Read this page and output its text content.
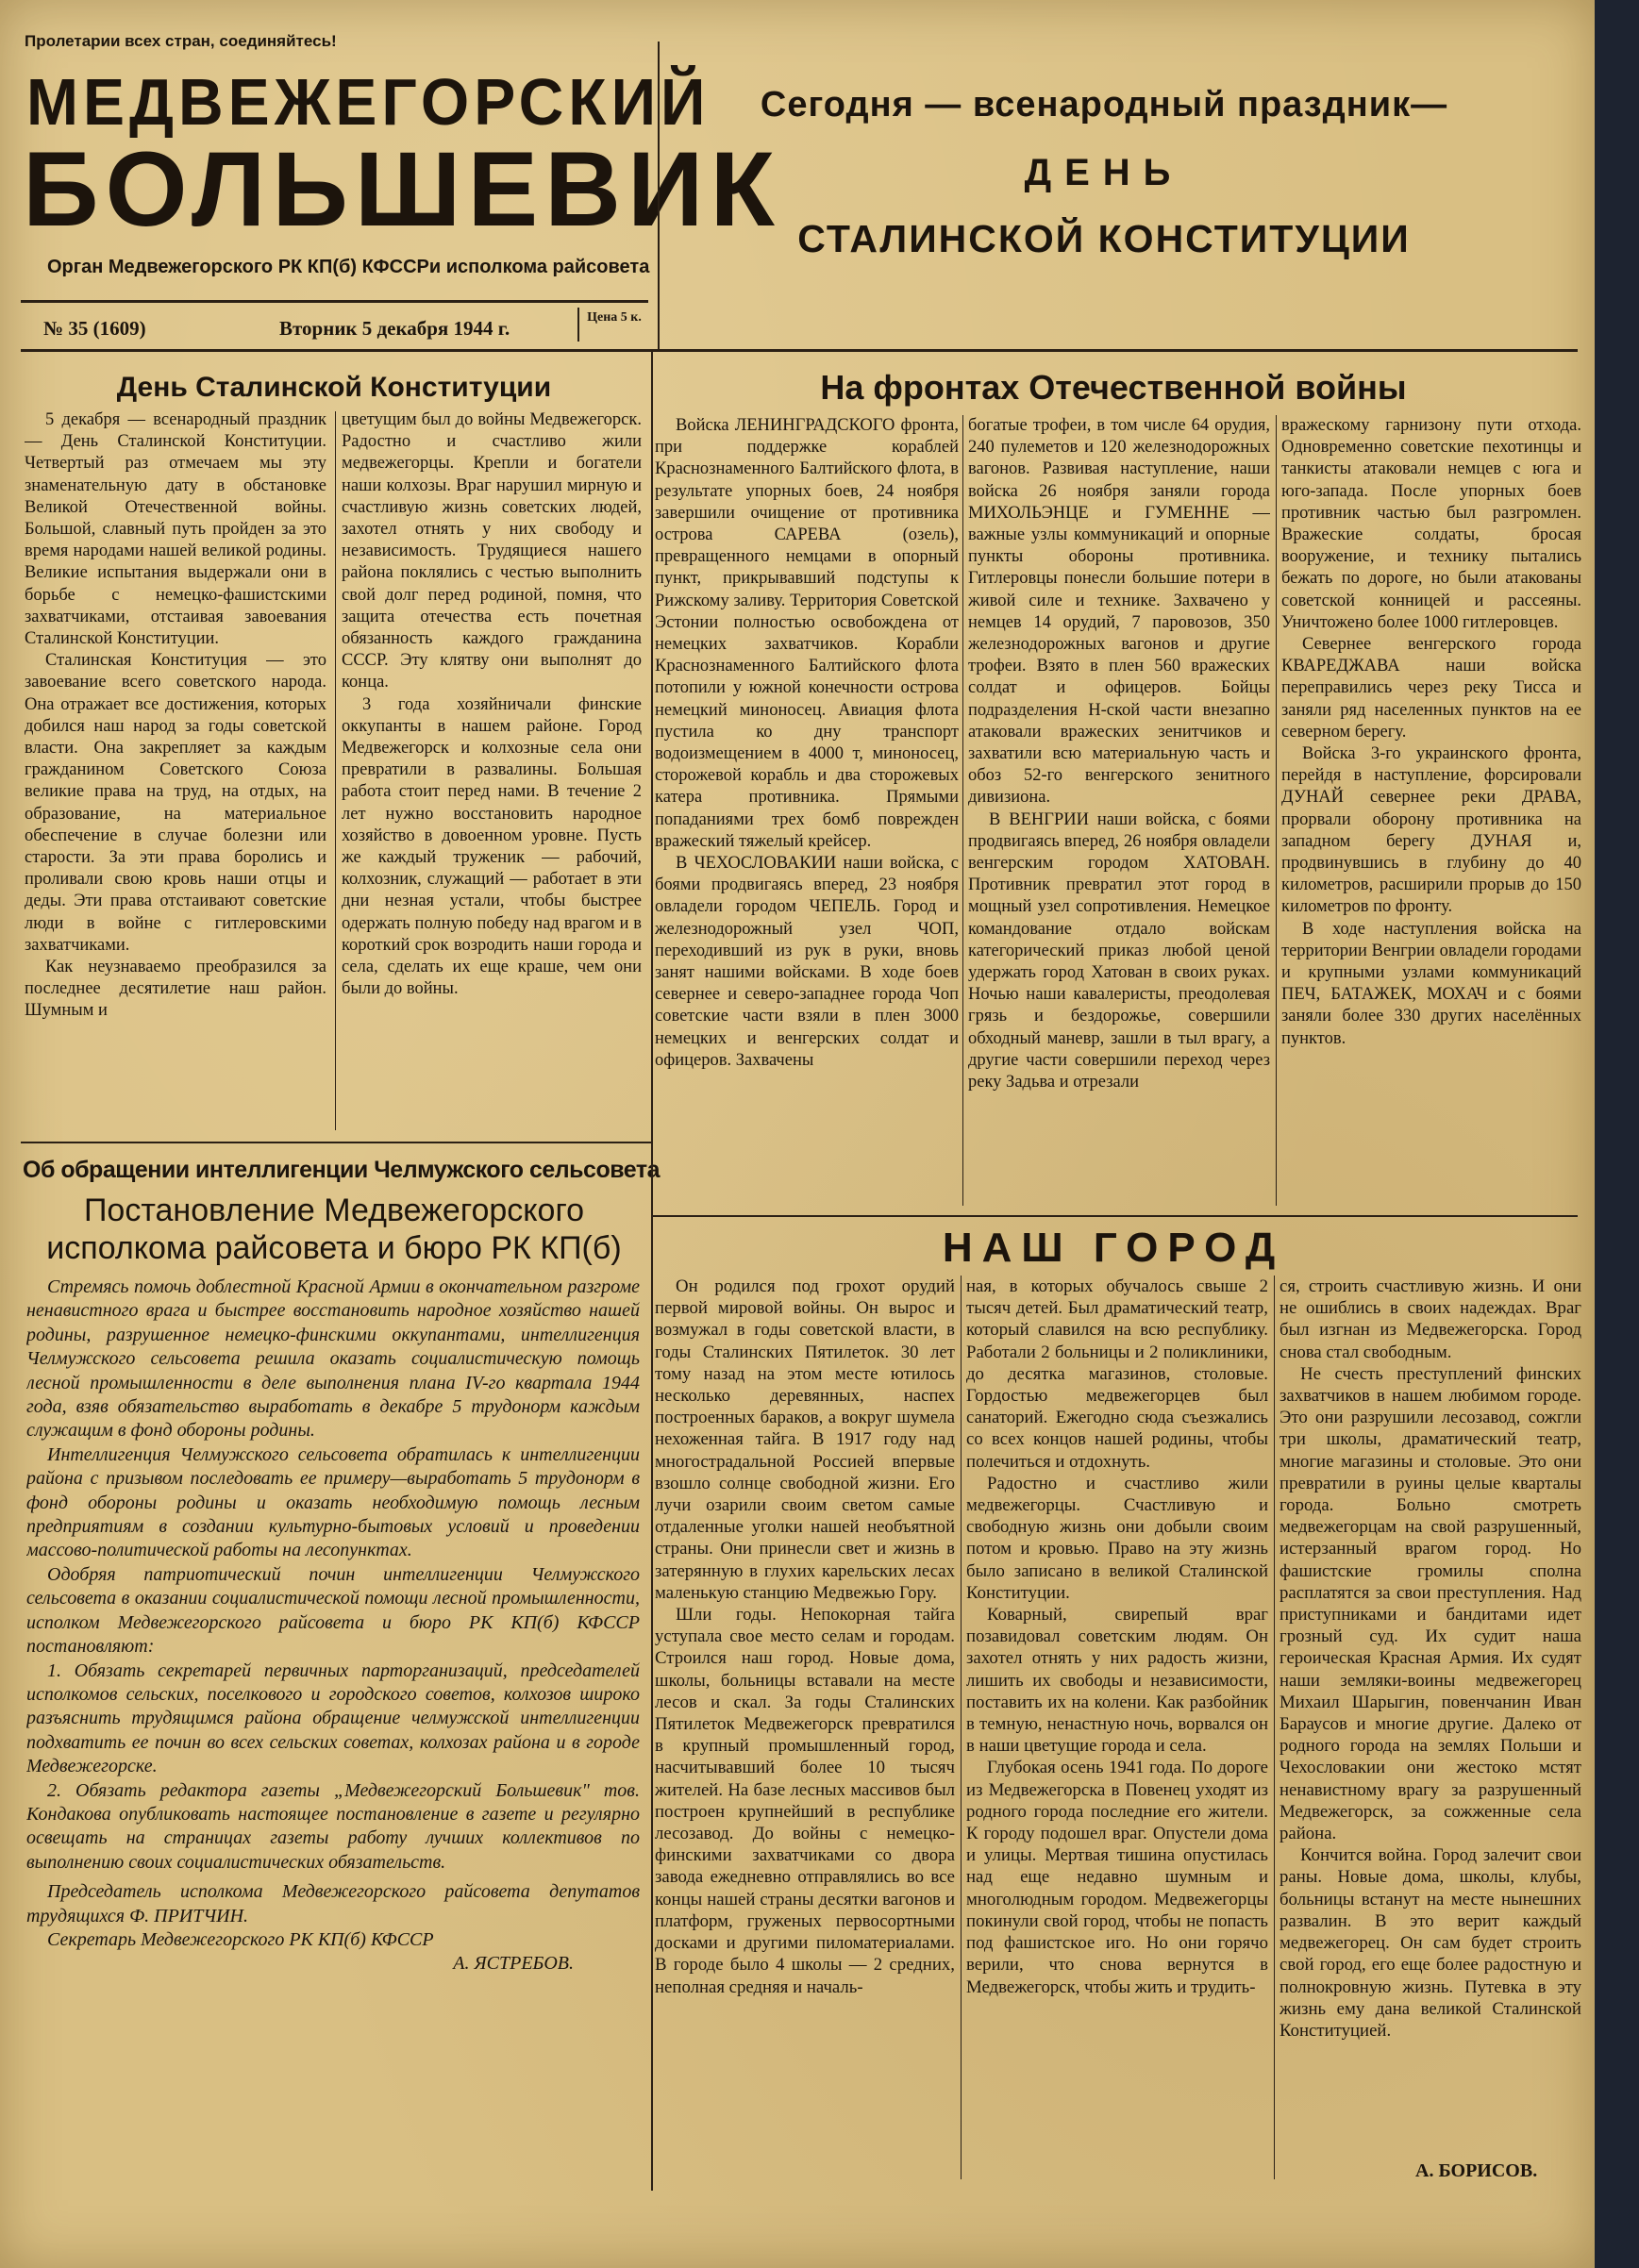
Пролетарии всех стран, соединяйтесь!
МЕДВЕЖЕГОРСКИЙ
БОЛЬШЕВИК
Орган Медвежегорского РК КП(б) КФССРи исполкома райсовета
№ 35 (1609)	Вторник 5 декабря 1944 г.	Цена 5 к.
Сегодня — всенародный праздник—
ДЕНЬ
СТАЛИНСКОЙ КОНСТИТУЦИИ
День Сталинской Конституции

5 декабря — всенародный праздник — День Сталинской Конституции. Четвертый раз отмечаем мы эту знаменательную дату в обстановке Великой Отечественной войны. Большой, славный путь пройден за это время народами нашей великой родины. Великие испытания выдержали они в борьбе с немецко-фашистскими захватчиками, отстаивая завоевания Сталинской Конституции.

Сталинская Конституция — это завоевание всего советского народа. Она отражает все достижения, которых добился наш народ за годы советской власти. Она закрепляет за каждым гражданином Советского Союза великие права на труд, на отдых, на образование, на материальное обеспечение в случае болезни или старости. За эти права боролись и проливали свою кровь наши отцы и деды. Эти права отстаивают советские люди в войне с гитлеровскими захватчиками.

Как неузнаваемо преобразился за последнее десятилетие наш район. Шумным и

цветущим был до войны Медвежегорск. Радостно и счастливо жили медвежегорцы. Крепли и богатели наши колхозы. Враг нарушил мирную и счастливую жизнь советских людей, захотел отнять у них свободу и независимость. Трудящиеся нашего района поклялись с честью выполнить свой долг перед родиной, помня, что защита отечества есть почетная обязанность каждого гражданина СССР. Эту клятву они выполнят до конца.

3 года хозяйничали финские оккупанты в нашем районе. Город Медвежегорск и колхозные села они превратили в развалины. Большая работа стоит перед нами. В течение 2 лет нужно восстановить народное хозяйство в довоенном уровне. Пусть же каждый труженик — рабочий, колхозник, служащий — работает в эти дни незная устали, чтобы быстрее одержать полную победу над врагом и в короткий срок возродить наши города и села, сделать их еще краше, чем они были до войны.

Об обращении интеллигенции Челмужского сельсовета
Постановление Медвежегорского
исполкома райсовета и бюро РК КП(б)

Стремясь помочь доблестной Красной Армии в окончательном разгроме ненавистного врага и быстрее восстановить народное хозяйство нашей родины, разрушенное немецко-финскими оккупантами, интеллигенция Челмужского сельсовета решила оказать социалистическую помощь лесной промышленности в деле выполнения плана IV-го квартала 1944 года, взяв обязательство выработать в декабре 5 трудонорм каждым служащим в фонд обороны родины.

Интеллигенция Челмужского сельсовета обратилась к интеллигенции района с призывом последовать ее примеру—выработать 5 трудонорм в фонд обороны родины и оказать необходимую помощь лесным предприятиям в создании культурно-бытовых условий и проведении массово-политической работы на лесопунктах.

Одобряя патриотический почин интеллигенции Челмужского сельсовета в оказании социалистической помощи лесной промышленности, исполком Медвежегорского райсовета и бюро РК КП(б) КФССР постановляют:

1. Обязать секретарей первичных парторганизаций, председателей исполкомов сельских, поселкового и городского советов, колхозов широко разъяснить трудящимся района обращение челмужской интеллигенции подхватить ее почин во всех сельских советах, колхозах района и в городе Медвежегорске.

2. Обязать редактора газеты „Медвежегорский Большевик" тов. Кондакова опубликовать настоящее постановление в газете и регулярно освещать на страницах газеты работу лучших коллективов по выполнению своих социалистических обязательств.

Председатель исполкома Медвежегорского райсовета депутатов трудящихся Ф. ПРИТЧИН.

Секретарь Медвежегорского РК КП(б) КФССР

А. ЯСТРЕБОВ.

На фронтах Отечественной войны

Войска ЛЕНИНГРАДСКОГО фронта, при поддержке кораблей Краснознаменного Балтийского флота, в результате упорных боев, 24 ноября завершили очищение от противника острова САРЕВА (озель), превращенного немцами в опорный пункт, прикрывавший подступы к Рижскому заливу. Территория Советской Эстонии полностью освобождена от немецких захватчиков. Корабли Краснознаменного Балтийского флота потопили у южной конечности острова немецкий миноносец. Авиация флота пустила ко дну транспорт водоизмещением в 4000 т, миноносец, сторожевой корабль и два сторожевых катера противника. Прямыми попаданиями трех бомб поврежден вражеский тяжелый крейсер.

В ЧЕХОСЛОВАКИИ наши войска, с боями продвигаясь вперед, 23 ноября овладели городом ЧЕПЕЛЬ. Город и железнодорожный узел ЧОП, переходивший из рук в руки, вновь занят нашими войсками. В ходе боев севернее и северо-западнее города Чоп советские части взяли в плен 3000 немецких и венгерских солдат и офицеров. Захвачены

богатые трофеи, в том числе 64 орудия, 240 пулеметов и 120 железнодорожных вагонов. Развивая наступление, наши войска 26 ноября заняли города МИХОЛЬЭНЦЕ и ГУМЕННЕ — важные узлы коммуникаций и опорные пункты обороны противника. Гитлеровцы понесли большие потери в живой силе и технике. Захвачено у немцев 14 орудий, 7 паровозов, 350 железнодорожных вагонов и другие трофеи. Взято в плен 560 вражеских солдат и офицеров. Бойцы подразделения Н-ской части внезапно атаковали вражеских зенитчиков и захватили всю материальную часть и обоз 52-го венгерского зенитного дивизиона.

В ВЕНГРИИ наши войска, с боями продвигаясь вперед, 26 ноября овладели венгерским городом ХАТОВАН. Противник превратил этот город в мощный узел сопротивления. Немецкое командование отдало войскам категорический приказ любой ценой удержать город Хатован в своих руках. Ночью наши кавалеристы, преодолевая грязь и бездорожье, совершили обходный маневр, зашли в тыл врагу, а другие части совершили переход через реку Задьва и отрезали

вражескому гарнизону пути отхода. Одновременно советские пехотинцы и танкисты атаковали немцев с юга и юго-запада. После упорных боев противник частью был разгромлен. Вражеские солдаты, бросая вооружение, и технику пытались бежать по дороге, но были атакованы советской конницей и рассеяны. Уничтожено более 1000 гитлеровцев.

Севернее венгерского города КВАРЕДЖАВА наши войска переправились через реку Тисса и заняли ряд населенных пунктов на ее северном берегу.

Войска 3-го украинского фронта, перейдя в наступление, форсировали ДУНАЙ севернее реки ДРАВА, прорвали оборону противника на западном берегу ДУНАЯ и, продвинувшись в глубину до 40 километров, расширили прорыв до 150 километров по фронту.

В ходе наступления войска на территории Венгрии овладели городами и крупными узлами коммуникаций ПЕЧ, БАТАЖЕК, МОХАЧ и с боями заняли более 330 других населённых пунктов.

НАШ ГОРОД

Он родился под грохот орудий первой мировой войны. Он вырос и возмужал в годы советской власти, в годы Сталинских Пятилеток. 30 лет тому назад на этом месте ютилось несколько деревянных, наспех построенных бараков, а вокруг шумела нехоженная тайга. В 1917 году над многострадальной Россией впервые взошло солнце свободной жизни. Его лучи озарили своим светом самые отдаленные уголки нашей необъятной страны. Они принесли свет и жизнь в затерянную в глухих карельских лесах маленькую станцию Медвежью Гору.

Шли годы. Непокорная тайга уступала свое место селам и городам. Строился наш город. Новые дома, школы, больницы вставали на месте лесов и скал. За годы Сталинских Пятилеток Медвежегорск превратился в крупный промышленный город, насчитывавший более 10 тысяч жителей. На базе лесных массивов был построен крупнейший в республике лесозавод. До войны с немецко-финскими захватчиками со двора завода ежедневно отправлялись во все концы нашей страны десятки вагонов и платформ, груженых первосортными досками и другими пиломатериалами. В городе было 4 школы — 2 средних, неполная средняя и началь-

ная, в которых обучалось свыше 2 тысяч детей. Был драматический театр, который славился на всю республику. Работали 2 больницы и 2 поликлиники, до десятка магазинов, столовые. Гордостью медвежегорцев был санаторий. Ежегодно сюда съезжались со всех концов нашей родины, чтобы полечиться и отдохнуть.

Радостно и счастливо жили медвежегорцы. Счастливую и свободную жизнь они добыли своим потом и кровью. Право на эту жизнь было записано в великой Сталинской Конституции.

Коварный, свирепый враг позавидовал советским людям. Он захотел отнять у них радость жизни, лишить их свободы и независимости, поставить их на колени. Как разбойник в темную, ненастную ночь, ворвался он в наши цветущие города и села.

Глубокая осень 1941 года. По дороге из Медвежегорска в Повенец уходят из родного города последние его жители. К городу подошел враг. Опустели дома и улицы. Мертвая тишина опустилась над еще недавно шумным и многолюдным городом. Медвежегорцы покинули свой город, чтобы не попасть под фашистское иго. Но они горячо верили, что снова вернутся в Медвежегорск, чтобы жить и трудить-

ся, строить счастливую жизнь. И они не ошиблись в своих надеждах. Враг был изгнан из Медвежегорска. Город снова стал свободным.

Не счесть преступлений финских захватчиков в нашем любимом городе. Это они разрушили лесозавод, сожгли три школы, драматический театр, многие магазины и столовые. Это они превратили в руины целые кварталы города. Больно смотреть медвежегорцам на свой разрушенный, истерзанный врагом город. Но фашистские громилы сполна расплатятся за свои преступления. Над приступниками и бандитами идет грозный суд. Их судит наша героическая Красная Армия. Их судят наши земляки-воины медвежегорец Михаил Шарыгин, повенчанин Иван Бараусов и многие другие. Далеко от родного города на землях Польши и Чехословакии они жестоко мстят ненавистному врагу за разрушенный Медвежегорск, за сожженные села района.

Кончится война. Город залечит свои раны. Новые дома, школы, клубы, больницы встанут на месте нынешних развалин. В это верит каждый медвежегорец. Он сам будет строить свой город, его еще более радостную и полнокровную жизнь. Путевка в эту жизнь ему дана великой Сталинской Конституцией.

А. БОРИСОВ.
